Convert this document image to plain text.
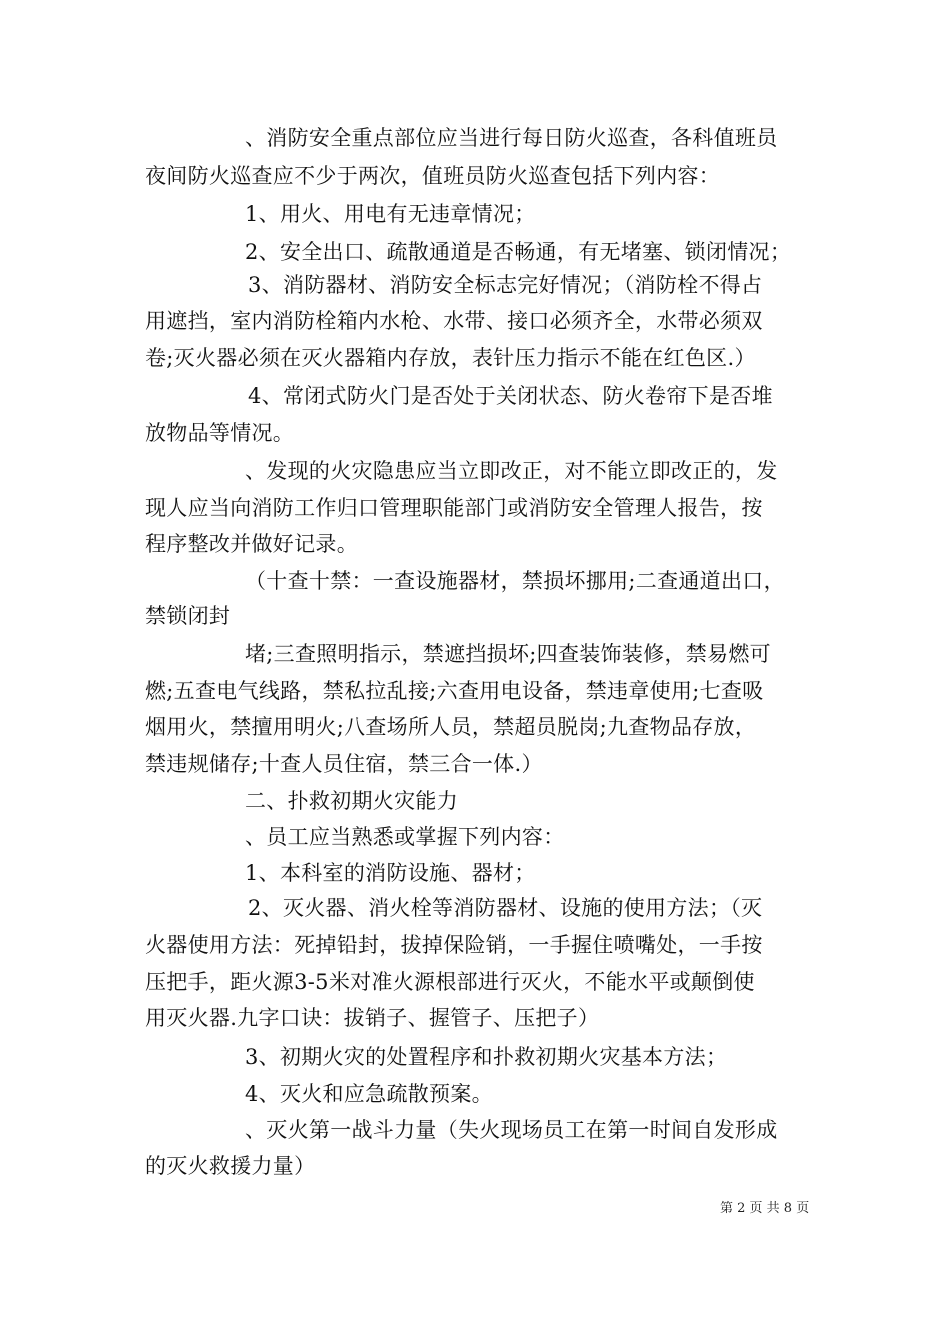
、消防安全重点部位应当进行每日防火巡查，各科值班员
夜间防火巡查应不少于两次，值班员防火巡查包括下列内容：
1、用火、用电有无违章情况；
2、安全出口、疏散通道是否畅通，有无堵塞、锁闭情况；
3、消防器材、消防安全标志完好情况；（消防栓不得占
用遮挡，室内消防栓箱内水枪、水带、接口必须齐全，水带必须双
卷;灭火器必须在灭火器箱内存放，表针压力指示不能在红色区.）
4、常闭式防火门是否处于关闭状态、防火卷帘下是否堆
放物品等情况。
、发现的火灾隐患应当立即改正，对不能立即改正的，发
现人应当向消防工作归口管理职能部门或消防安全管理人报告，按
程序整改并做好记录。
（十查十禁：一查设施器材，禁损坏挪用;二查通道出口，
禁锁闭封
堵;三查照明指示，禁遮挡损坏;四查装饰装修，禁易燃可
燃;五查电气线路，禁私拉乱接;六查用电设备，禁违章使用;七查吸
烟用火，禁擅用明火;八查场所人员，禁超员脱岗;九查物品存放，
禁违规储存;十查人员住宿，禁三合一体.）
二、扑救初期火灾能力
、员工应当熟悉或掌握下列内容：
1、本科室的消防设施、器材；
2、灭火器、消火栓等消防器材、设施的使用方法；（灭
火器使用方法：死掉铅封，拔掉保险销，一手握住喷嘴处，一手按
压把手，距火源3-5米对准火源根部进行灭火，不能水平或颠倒使
用灭火器.九字口诀：拔销子、握管子、压把子）
3、初期火灾的处置程序和扑救初期火灾基本方法；
4、灭火和应急疏散预案。
、灭火第一战斗力量（失火现场员工在第一时间自发形成
的灭火救援力量）
第 2 页 共 8 页
